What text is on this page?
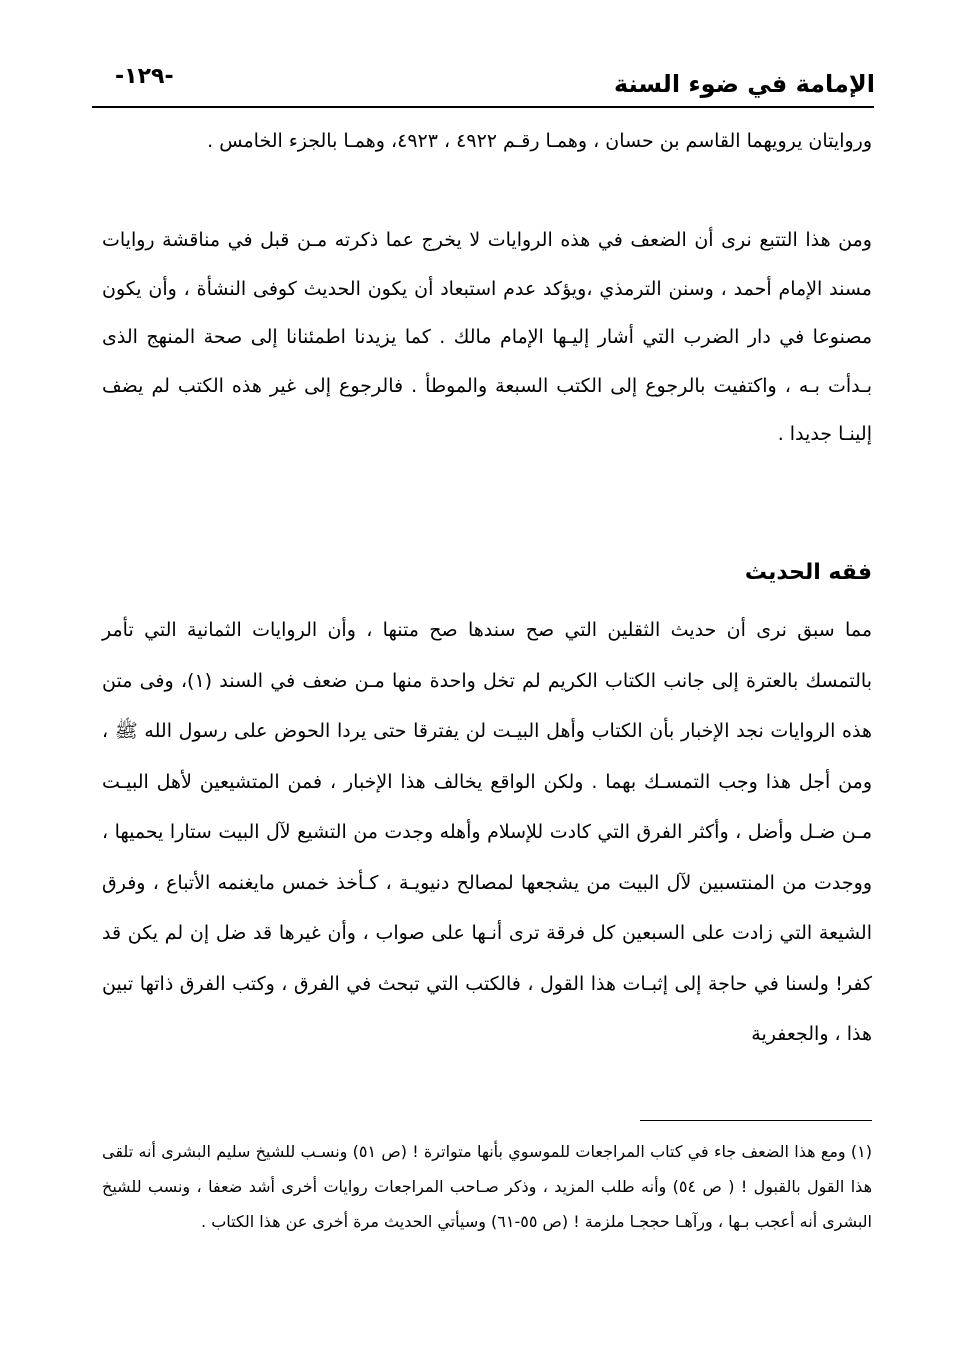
الإمامة في ضوء السنة
-١٢٩-

وروايتان يرويهما القاسم بن حسان ، وهمـا رقـم ٤٩٢٢ ، ٤٩٢٣، وهمـا بالجزء الخامس .

ومن هذا التتبع نرى أن الضعف في هذه الروايات لا يخرج عما ذكرته مـن قبل في مناقشة روايات مسند الإمام أحمد ، وسنن الترمذي ،ويؤكد عدم استبعاد أن يكون الحديث كوفى النشأة ، وأن يكون مصنوعا في دار الضرب التي أشار إليـها الإمام مالك . كما يزيدنا اطمئنانا إلى صحة المنهج الذى بـدأت بـه ، واكتفيت بالرجوع إلى الكتب السبعة والموطأ . فالرجوع إلى غير هذه الكتب لم يضف إلينـا جديدا .

فقه الحديث

مما سبق نرى أن حديث الثقلين التي صح سندها صح متنها ، وأن الروايات الثمانية التي تأمر بالتمسك بالعترة إلى جانب الكتاب الكريم لم تخل واحدة منها مـن ضعف في السند (١)، وفى متن هذه الروايات نجد الإخبار بأن الكتاب وأهل البيـت لن يفترقا حتى يردا الحوض على رسول الله ﷺ ، ومن أجل هذا وجب التمسـك بهما . ولكن الواقع يخالف هذا الإخبار ، فمن المتشيعين لأهل البيـت مـن ضـل وأضل ، وأكثر الفرق التي كادت للإسلام وأهله وجدت من التشيع لآل البيت ستارا يحميها ، ووجدت من المنتسبين لآل البيت من يشجعها لمصالح دنيويـة ، كـأخذ خمس مايغنمه الأتباع ، وفرق الشيعة التي زادت على السبعين كل فرقة ترى أنـها على صواب ، وأن غيرها قد ضل إن لم يكن قد كفر! ولسنا في حاجة إلى إثبـات هذا القول ، فالكتب التي تبحث في الفرق ، وكتب الفرق ذاتها تبين هذا ، والجعفرية

(١) ومع هذا الضعف جاء في كتاب المراجعات للموسوي بأنها متواترة ! (ص ٥١) ونسـب للشيخ سليم البشرى أنه تلقى هذا القول بالقبول ! ( ص ٥٤) وأنه طلب المزيد ، وذكر صـاحب المراجعات روايات أخرى أشد ضعفا ، ونسب للشيخ البشرى أنه أعجب بـها ، ورآهـا حججـا ملزمة ! (ص ٥٥-٦١) وسيأتي الحديث مرة أخرى عن هذا الكتاب .
